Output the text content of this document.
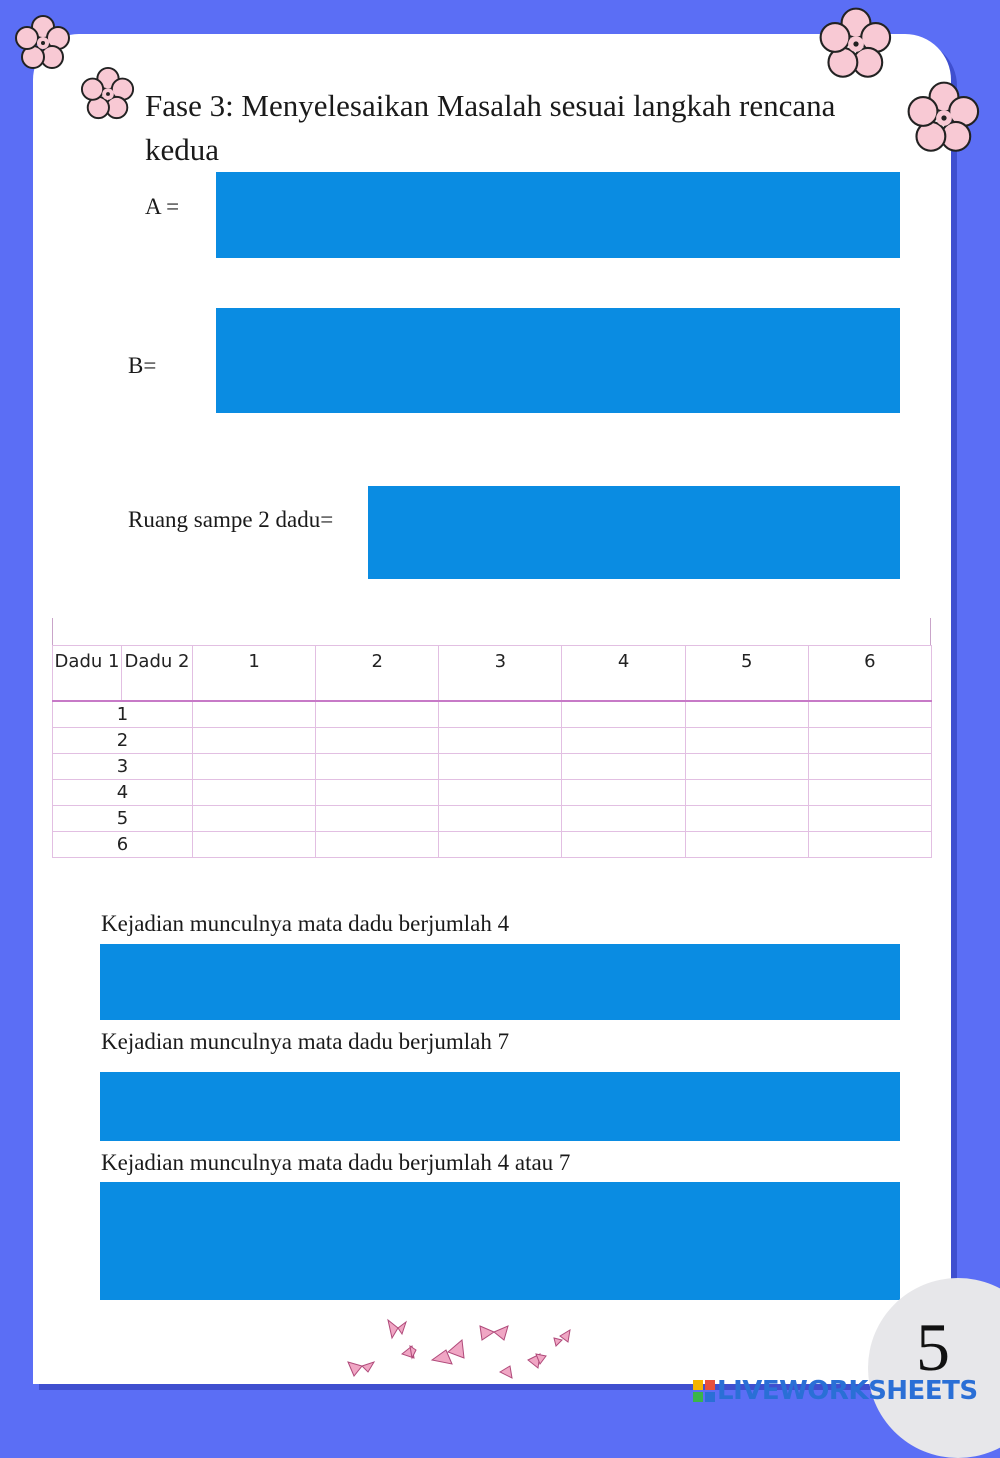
Fase 3: Menyelesaikan Masalah sesuai langkah rencana kedua
A =
B=
Ruang sampe 2 dadu=
Dadu 1	Dadu 2	1	2	3	4	5	6
1							
2							
3							
4							
5							
6							
Kejadian munculnya mata dadu berjumlah 4
Kejadian munculnya mata dadu berjumlah 7
Kejadian munculnya mata dadu berjumlah 4 atau 7
5
LIVEWORKSHEETS
